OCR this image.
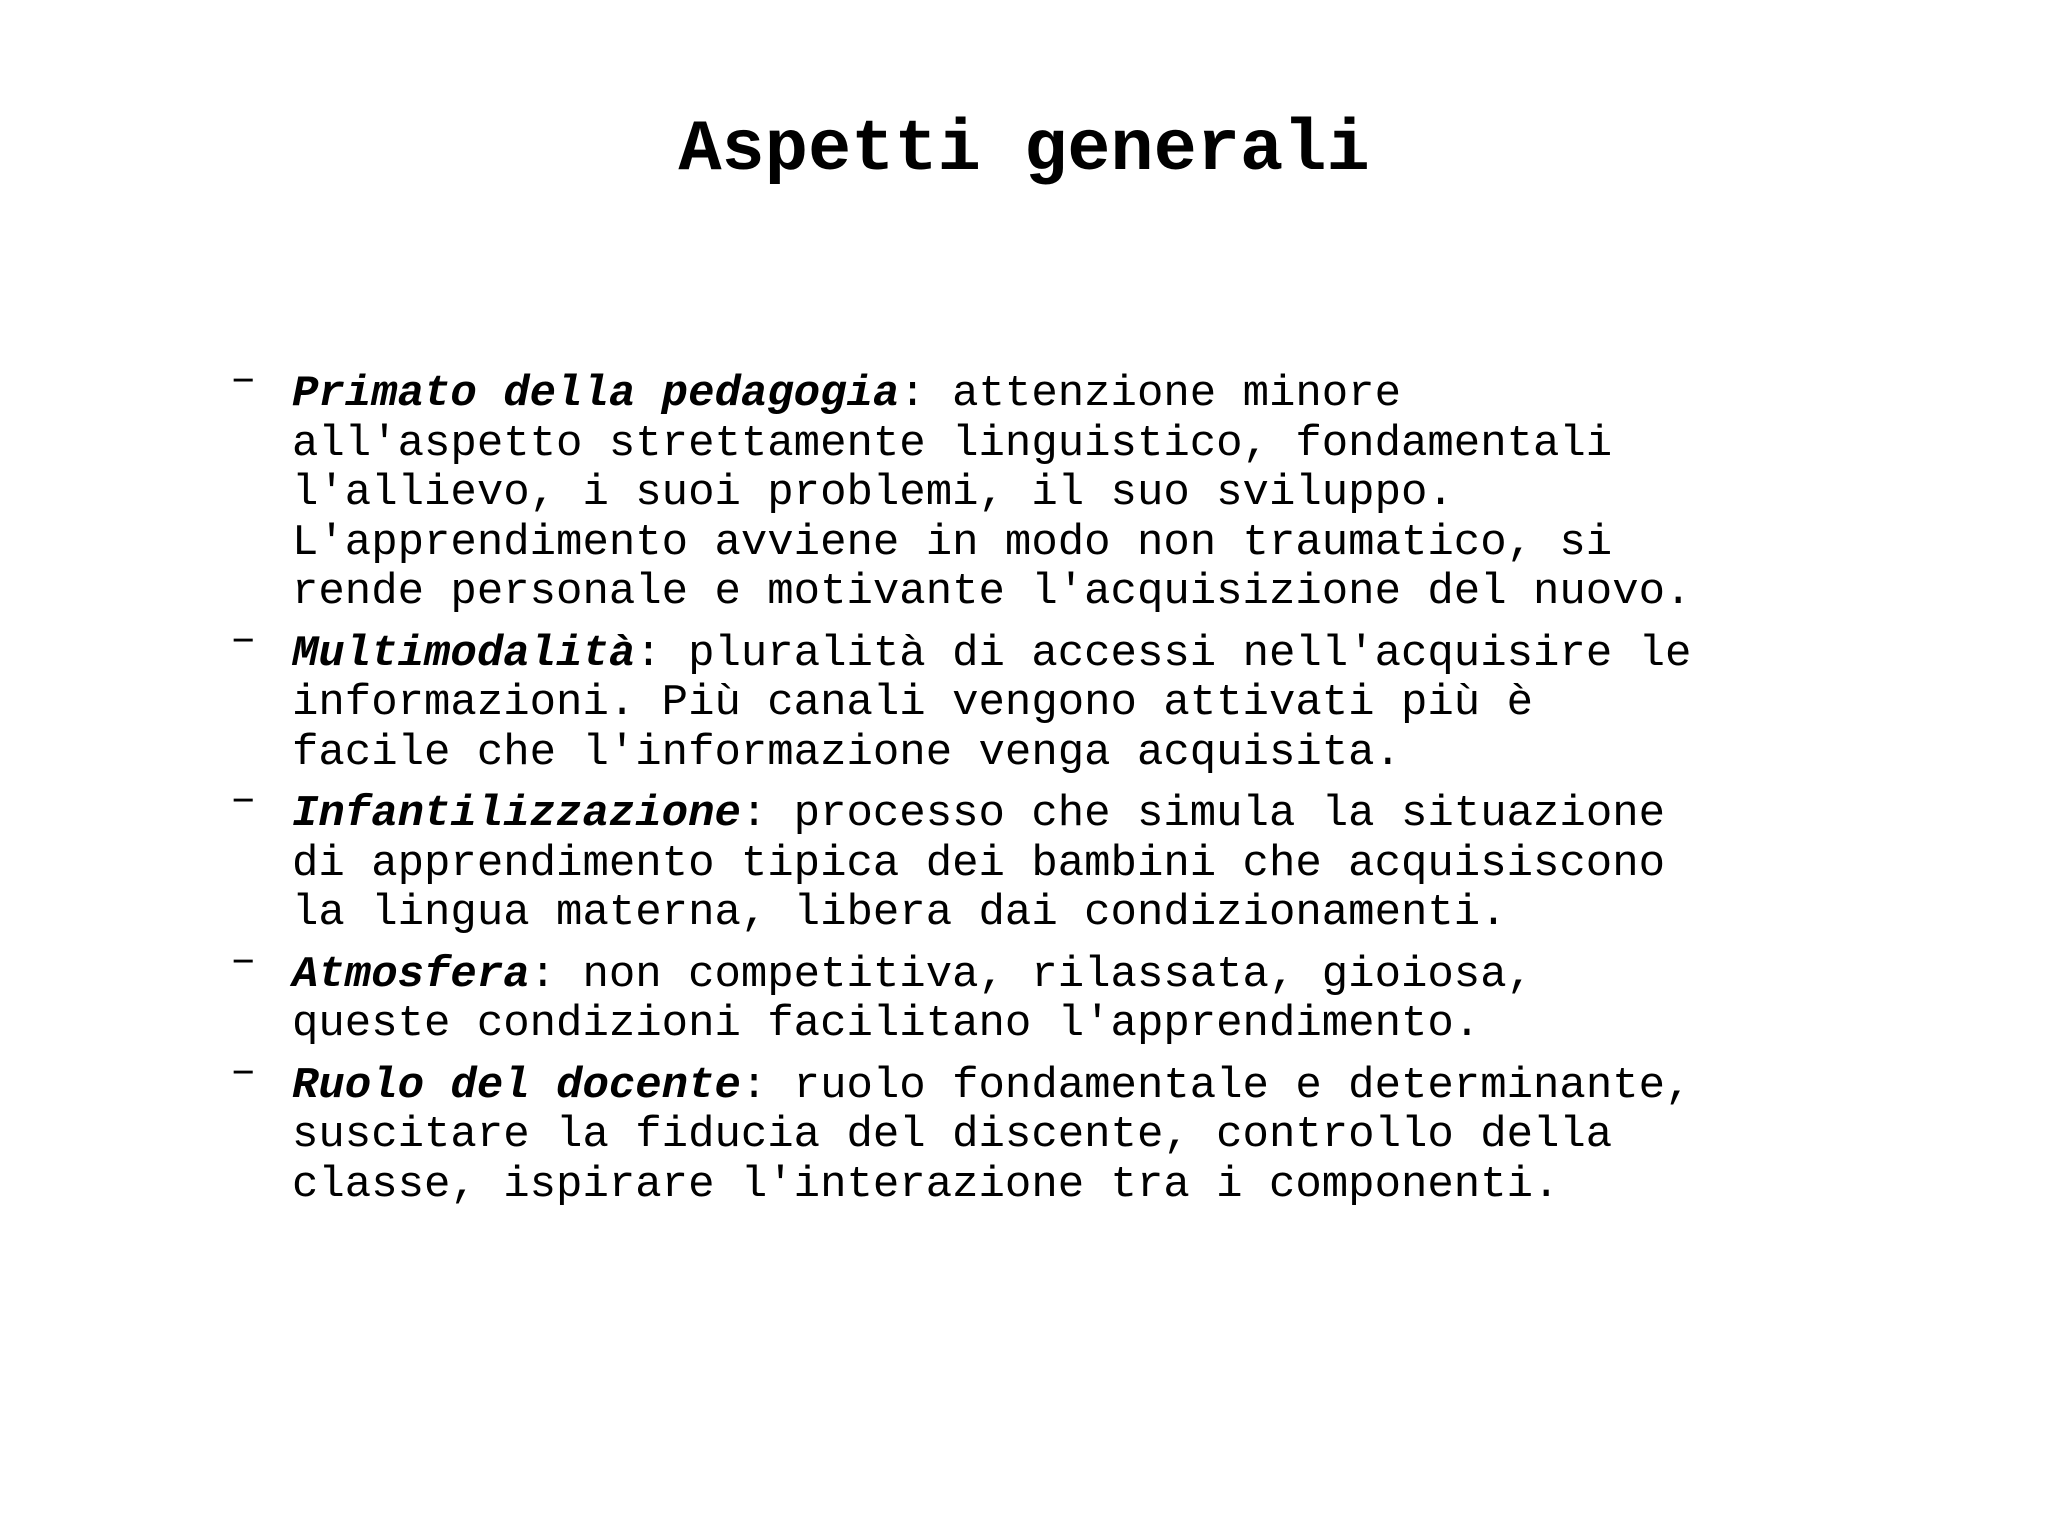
Aspetti generali
– Primato della pedagogia: attenzione minore
all'aspetto strettamente linguistico, fondamentali
l'allievo, i suoi problemi, il suo sviluppo.
L'apprendimento avviene in modo non traumatico, si
rende personale e motivante l'acquisizione del nuovo.
– Multimodalità: pluralità di accessi nell'acquisire le
informazioni. Più canali vengono attivati più è
facile che l'informazione venga acquisita.
– Infantilizzazione: processo che simula la situazione
di apprendimento tipica dei bambini che acquisiscono
la lingua materna, libera dai condizionamenti.
– Atmosfera: non competitiva, rilassata, gioiosa,
queste condizioni facilitano l'apprendimento.
– Ruolo del docente: ruolo fondamentale e determinante,
suscitare la fiducia del discente, controllo della
classe, ispirare l'interazione tra i componenti.
